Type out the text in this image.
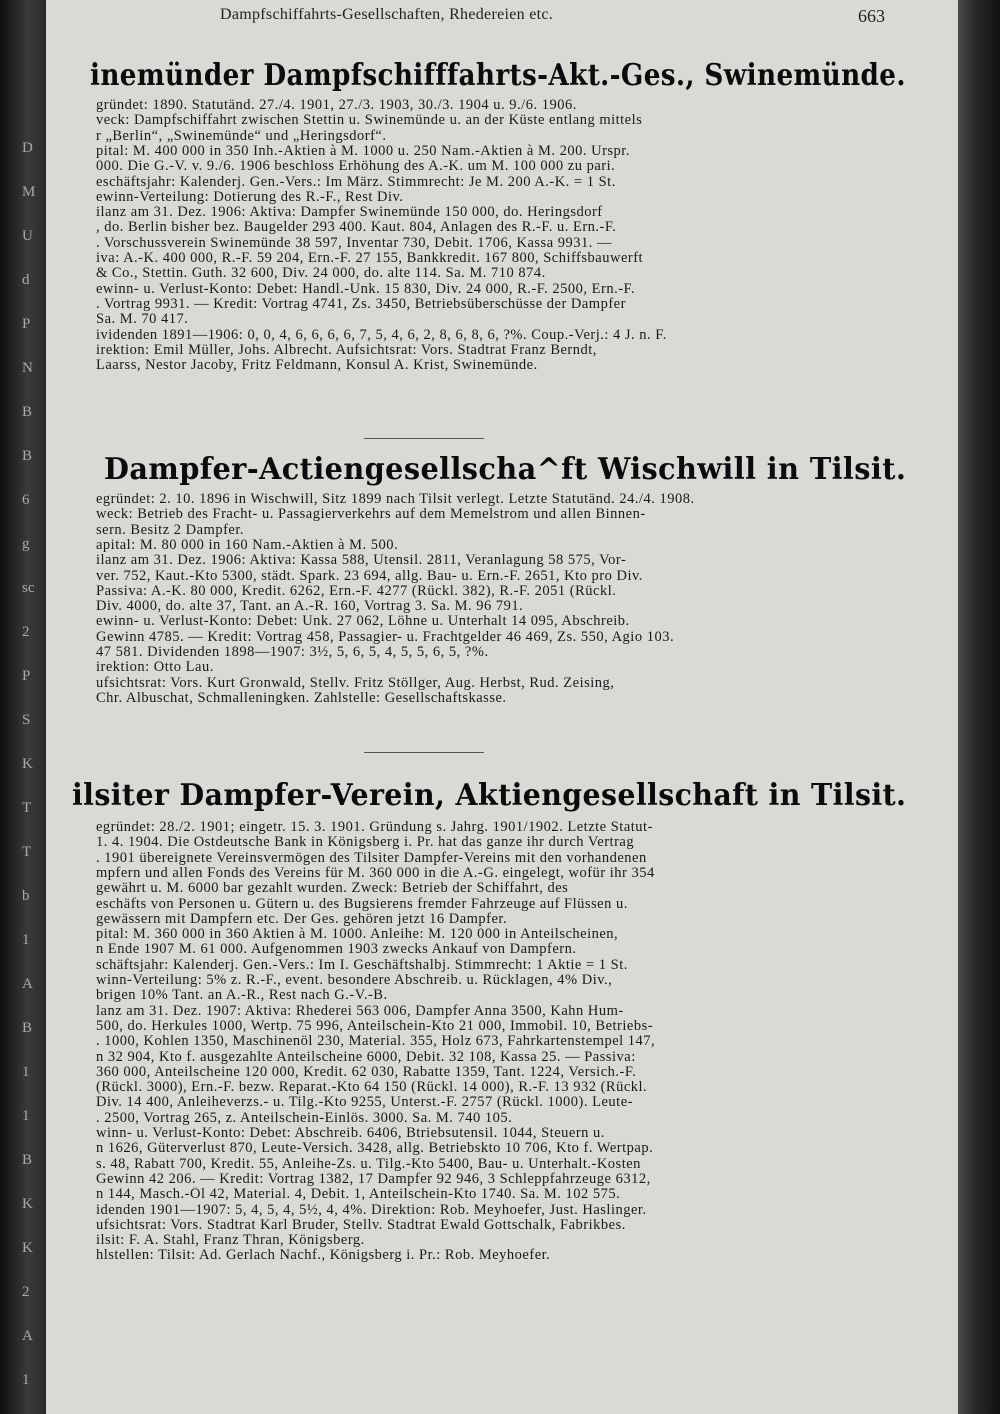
D
M
U
d
P
N
B
B
6
g
sc
2
P
S
K
T
T
b
1
A
B
1
1
B
K
K
2
A
1
Dampfschiffahrts-Gesellschaften, Rhedereien etc.	663
inemünder Dampfschifffahrts-Akt.-Ges., Swinemünde.
gründet: 1890. Statutänd. 27./4. 1901, 27./3. 1903, 30./3. 1904 u. 9./6. 1906.
veck: Dampfschiffahrt zwischen Stettin u. Swinemünde u. an der Küste entlang mittels
r „Berlin“, „Swinemünde“ und „Heringsdorf“.
pital: M. 400 000 in 350 Inh.-Aktien à M. 1000 u. 250 Nam.-Aktien à M. 200. Urspr.
000. Die G.-V. v. 9./6. 1906 beschloss Erhöhung des A.-K. um M. 100 000 zu pari.
eschäftsjahr: Kalenderj. Gen.-Vers.: Im März. Stimmrecht: Je M. 200 A.-K. = 1 St.
ewinn-Verteilung: Dotierung des R.-F., Rest Div.
ilanz am 31. Dez. 1906: Aktiva: Dampfer Swinemünde 150 000, do. Heringsdorf
, do. Berlin bisher bez. Baugelder 293 400. Kaut. 804, Anlagen des R.-F. u. Ern.-F.
. Vorschussverein Swinemünde 38 597, Inventar 730, Debit. 1706, Kassa 9931. —
iva: A.-K. 400 000, R.-F. 59 204, Ern.-F. 27 155, Bankkredit. 167 800, Schiffsbauwerft
& Co., Stettin. Guth. 32 600, Div. 24 000, do. alte 114. Sa. M. 710 874.
ewinn- u. Verlust-Konto: Debet: Handl.-Unk. 15 830, Div. 24 000, R.-F. 2500, Ern.-F.
. Vortrag 9931. — Kredit: Vortrag 4741, Zs. 3450, Betriebsüberschüsse der Dampfer
Sa. M. 70 417.
ividenden 1891—1906: 0, 0, 4, 6, 6, 6, 6, 7, 5, 4, 6, 2, 8, 6, 8, 6, ?%. Coup.-Verj.: 4 J. n. F.
irektion: Emil Müller, Johs. Albrecht. Aufsichtsrat: Vors. Stadtrat Franz Berndt,
Laarss, Nestor Jacoby, Fritz Feldmann, Konsul A. Krist, Swinemünde.
Dampfer-Actiengesellscha^ft Wischwill in Tilsit.
egründet: 2. 10. 1896 in Wischwill, Sitz 1899 nach Tilsit verlegt. Letzte Statutänd. 24./4. 1908.
weck: Betrieb des Fracht- u. Passagierverkehrs auf dem Memelstrom und allen Binnen-
sern. Besitz 2 Dampfer.
apital: M. 80 000 in 160 Nam.-Aktien à M. 500.
ilanz am 31. Dez. 1906: Aktiva: Kassa 588, Utensil. 2811, Veranlagung 58 575, Vor-
ver. 752, Kaut.-Kto 5300, städt. Spark. 23 694, allg. Bau- u. Ern.-F. 2651, Kto pro Div.
Passiva: A.-K. 80 000, Kredit. 6262, Ern.-F. 4277 (Rückl. 382), R.-F. 2051 (Rückl.
Div. 4000, do. alte 37, Tant. an A.-R. 160, Vortrag 3. Sa. M. 96 791.
ewinn- u. Verlust-Konto: Debet: Unk. 27 062, Löhne u. Unterhalt 14 095, Abschreib.
Gewinn 4785. — Kredit: Vortrag 458, Passagier- u. Frachtgelder 46 469, Zs. 550, Agio 103.
47 581. Dividenden 1898—1907: 3½, 5, 6, 5, 4, 5, 5, 6, 5, ?%.
irektion: Otto Lau.
ufsichtsrat: Vors. Kurt Gronwald, Stellv. Fritz Stöllger, Aug. Herbst, Rud. Zeising,
Chr. Albuschat, Schmalleningken. Zahlstelle: Gesellschaftskasse.
ilsiter Dampfer-Verein, Aktiengesellschaft in Tilsit.
egründet: 28./2. 1901; eingetr. 15. 3. 1901. Gründung s. Jahrg. 1901/1902. Letzte Statut-
1. 4. 1904. Die Ostdeutsche Bank in Königsberg i. Pr. hat das ganze ihr durch Vertrag
. 1901 übereignete Vereinsvermögen des Tilsiter Dampfer-Vereins mit den vorhandenen
mpfern und allen Fonds des Vereins für M. 360 000 in die A.-G. eingelegt, wofür ihr 354
gewährt u. M. 6000 bar gezahlt wurden. Zweck: Betrieb der Schiffahrt, des
eschäfts von Personen u. Gütern u. des Bugsierens fremder Fahrzeuge auf Flüssen u.
gewässern mit Dampfern etc. Der Ges. gehören jetzt 16 Dampfer.
pital: M. 360 000 in 360 Aktien à M. 1000. Anleihe: M. 120 000 in Anteilscheinen,
n Ende 1907 M. 61 000. Aufgenommen 1903 zwecks Ankauf von Dampfern.
schäftsjahr: Kalenderj. Gen.-Vers.: Im I. Geschäftshalbj. Stimmrecht: 1 Aktie = 1 St.
winn-Verteilung: 5% z. R.-F., event. besondere Abschreib. u. Rücklagen, 4% Div.,
brigen 10% Tant. an A.-R., Rest nach G.-V.-B.
lanz am 31. Dez. 1907: Aktiva: Rhederei 563 006, Dampfer Anna 3500, Kahn Hum-
500, do. Herkules 1000, Wertp. 75 996, Anteilschein-Kto 21 000, Immobil. 10, Betriebs-
. 1000, Kohlen 1350, Maschinenöl 230, Material. 355, Holz 673, Fahrkartenstempel 147,
n 32 904, Kto f. ausgezahlte Anteilscheine 6000, Debit. 32 108, Kassa 25. — Passiva:
360 000, Anteilscheine 120 000, Kredit. 62 030, Rabatte 1359, Tant. 1224, Versich.-F.
(Rückl. 3000), Ern.-F. bezw. Reparat.-Kto 64 150 (Rückl. 14 000), R.-F. 13 932 (Rückl.
Div. 14 400, Anleiheverzs.- u. Tilg.-Kto 9255, Unterst.-F. 2757 (Rückl. 1000). Leute-
. 2500, Vortrag 265, z. Anteilschein-Einlös. 3000. Sa. M. 740 105.
winn- u. Verlust-Konto: Debet: Abschreib. 6406, Btriebsutensil. 1044, Steuern u.
n 1626, Güterverlust 870, Leute-Versich. 3428, allg. Betriebskto 10 706, Kto f. Wertpap.
s. 48, Rabatt 700, Kredit. 55, Anleihe-Zs. u. Tilg.-Kto 5400, Bau- u. Unterhalt.-Kosten
Gewinn 42 206. — Kredit: Vortrag 1382, 17 Dampfer 92 946, 3 Schleppfahrzeuge 6312,
n 144, Masch.-Öl 42, Material. 4, Debit. 1, Anteilschein-Kto 1740. Sa. M. 102 575.
idenden 1901—1907: 5, 4, 5, 4, 5½, 4, 4%. Direktion: Rob. Meyhoefer, Just. Haslinger.
ufsichtsrat: Vors. Stadtrat Karl Bruder, Stellv. Stadtrat Ewald Gottschalk, Fabrikbes.
ilsit: F. A. Stahl, Franz Thran, Königsberg.
hlstellen: Tilsit: Ad. Gerlach Nachf., Königsberg i. Pr.: Rob. Meyhoefer.
